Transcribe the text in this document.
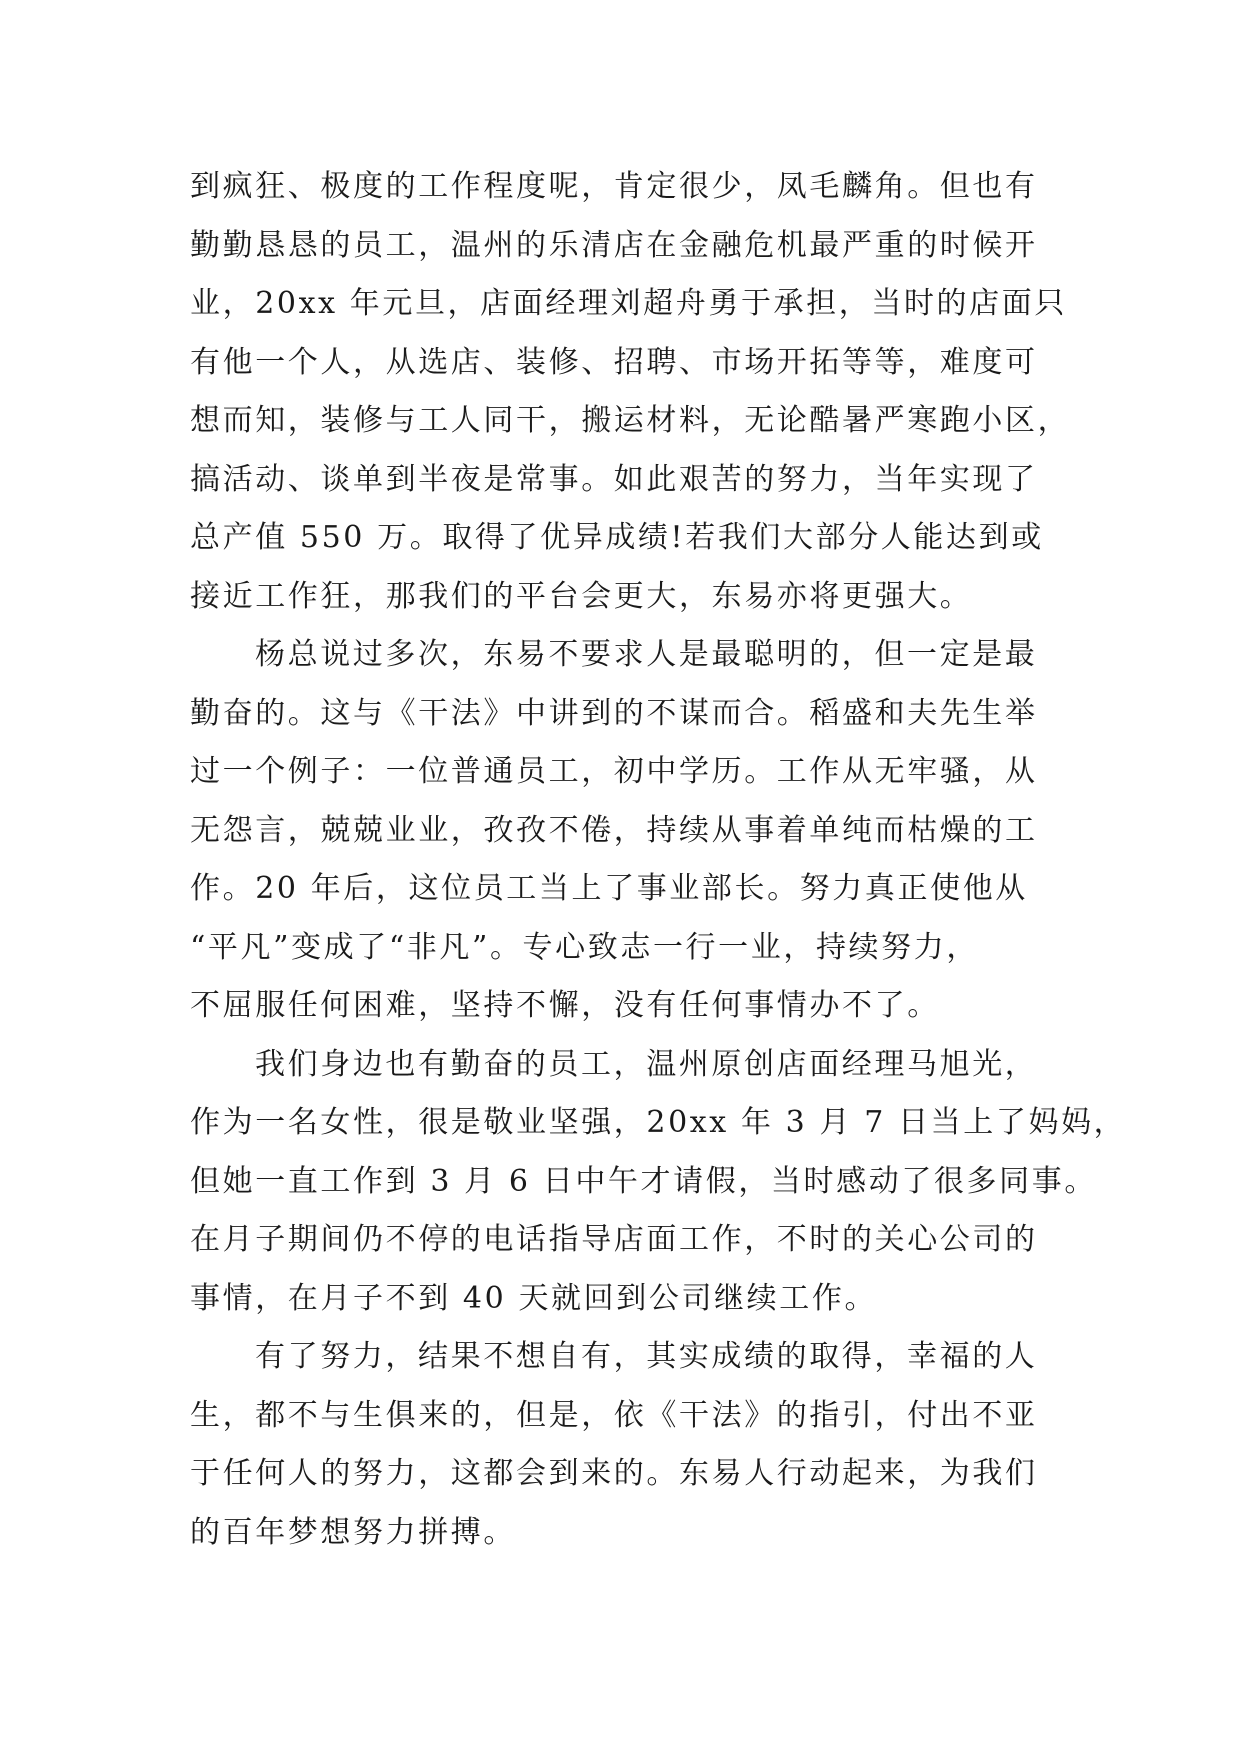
到疯狂、极度的工作程度呢，肯定很少，凤毛麟角。但也有
勤勤恳恳的员工，温州的乐清店在金融危机最严重的时候开
业，20xx 年元旦，店面经理刘超舟勇于承担，当时的店面只
有他一个人，从选店、装修、招聘、市场开拓等等，难度可
想而知，装修与工人同干，搬运材料，无论酷暑严寒跑小区，
搞活动、谈单到半夜是常事。如此艰苦的努力，当年实现了
总产值 550 万。取得了优异成绩!若我们大部分人能达到或
接近工作狂，那我们的平台会更大，东易亦将更强大。

杨总说过多次，东易不要求人是最聪明的，但一定是最
勤奋的。这与《干法》中讲到的不谋而合。稻盛和夫先生举
过一个例子：一位普通员工，初中学历。工作从无牢骚，从
无怨言，兢兢业业，孜孜不倦，持续从事着单纯而枯燥的工
作。20 年后，这位员工当上了事业部长。努力真正使他从
“平凡”变成了“非凡”。专心致志一行一业，持续努力，
不屈服任何困难，坚持不懈，没有任何事情办不了。

我们身边也有勤奋的员工，温州原创店面经理马旭光，
作为一名女性，很是敬业坚强，20xx 年 3 月 7 日当上了妈妈，
但她一直工作到 3 月 6 日中午才请假，当时感动了很多同事。
在月子期间仍不停的电话指导店面工作，不时的关心公司的
事情，在月子不到 40 天就回到公司继续工作。

有了努力，结果不想自有，其实成绩的取得，幸福的人
生，都不与生俱来的，但是，依《干法》的指引，付出不亚
于任何人的努力，这都会到来的。东易人行动起来，为我们
的百年梦想努力拼搏。
